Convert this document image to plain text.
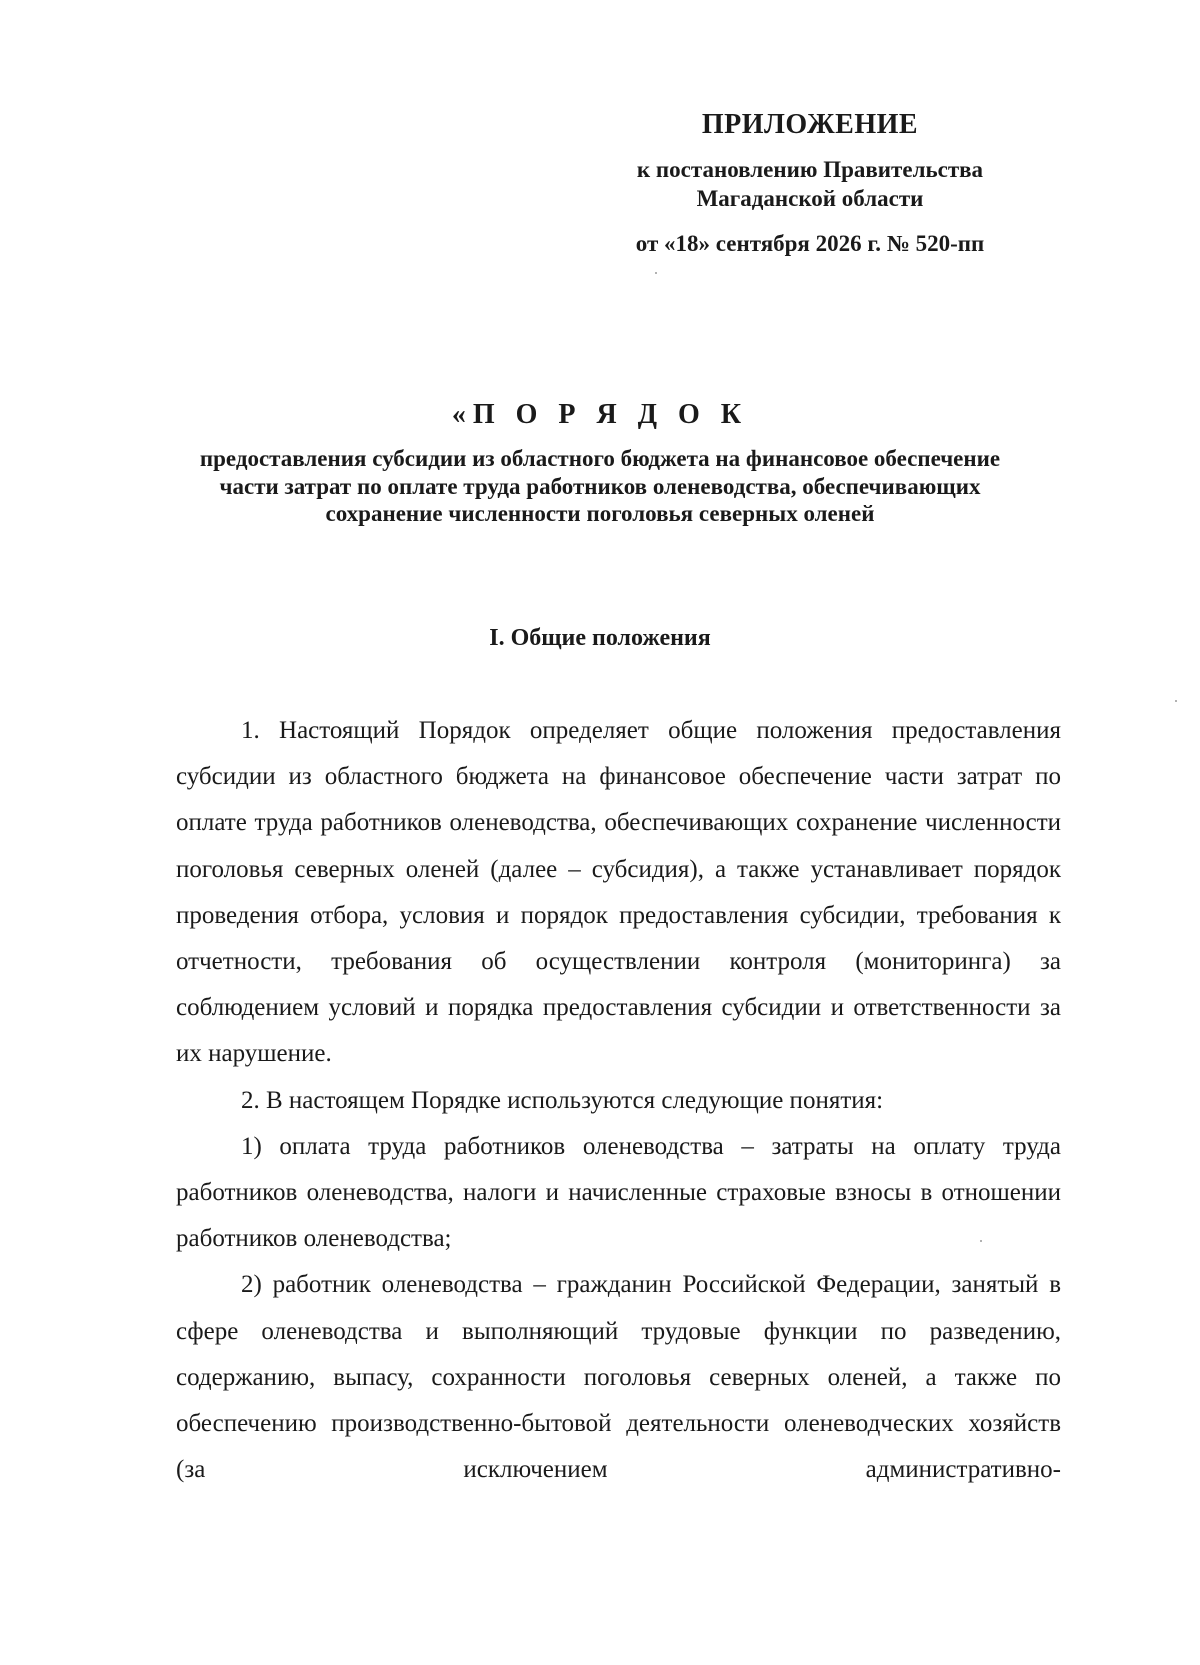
ПРИЛОЖЕНИЕ
к постановлению Правительства
Магаданской области
от «18» сентября 2026 г. № 520-пп
«П О Р Я Д О К
предоставления субсидии из областного бюджета на финансовое обеспечение части затрат по оплате труда работников оленеводства, обеспечивающих сохранение численности поголовья северных оленей
I. Общие положения

1. Настоящий Порядок определяет общие положения предоставления субсидии из областного бюджета на финансовое обеспечение части затрат по оплате труда работников оленеводства, обеспечивающих сохранение численности поголовья северных оленей (далее – субсидия), а также устанавливает порядок проведения отбора, условия и порядок предоставления субсидии, требования к отчетности, требования об осуществлении контроля (мониторинга) за соблюдением условий и порядка предоставления субсидии и ответственности за их нарушение.

2. В настоящем Порядке используются следующие понятия:

1) оплата труда работников оленеводства – затраты на оплату труда работников оленеводства, налоги и начисленные страховые взносы в отношении работников оленеводства;

2) работник оленеводства – гражданин Российской Федерации, занятый в сфере оленеводства и выполняющий трудовые функции по разведению, содержанию, выпасу, сохранности поголовья северных оленей, а также по обеспечению производственно-бытовой деятельности оленеводческих хозяйств (за исключением административно-
